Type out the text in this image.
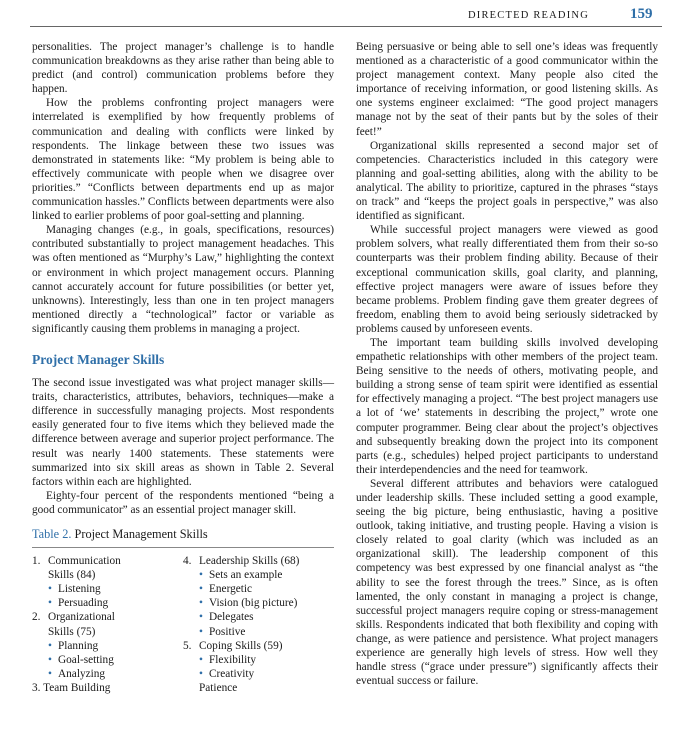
DIRECTED READING	159

personalities. The project manager’s challenge is to handle communication breakdowns as they arise rather than being able to predict (and control) communication problems before they happen.

How the problems confronting project managers were interrelated is exemplified by how frequently problems of communication and dealing with conflicts were linked by respondents. The linkage between these two issues was demonstrated in statements like: “My problem is being able to effectively communicate with people when we disagree over priorities.” “Conflicts between departments end up as major communication hassles.” Conflicts between departments were also linked to earlier problems of poor goal-setting and planning.

Managing changes (e.g., in goals, specifications, resources) contributed substantially to project management headaches. This was often mentioned as “Murphy’s Law,” highlighting the context or environment in which project management occurs. Planning cannot accurately account for future possibilities (or better yet, unknowns). Interestingly, less than one in ten project managers mentioned directly a “technological” factor or variable as significantly causing them problems in managing a project.

Project Manager Skills

The second issue investigated was what project manager skills—traits, characteristics, attributes, behaviors, techniques—make a difference in successfully managing projects. Most respondents easily generated four to five items which they believed made the difference between average and superior project performance. The result was nearly 1400 statements. These statements were summarized into six skill areas as shown in Table 2. Several factors within each are highlighted.

Eighty-four percent of the respondents mentioned “being a good communicator” as an essential project manager skill.

Table 2. Project Management Skills
1. Communication
Skills (84)
• Listening
• Persuading
2. Organizational
Skills (75)
• Planning
• Goal-setting
• Analyzing
3. Team Building
4. Leadership Skills (68)
• Sets an example
• Energetic
• Vision (big picture)
• Delegates
• Positive
5. Coping Skills (59)
• Flexibility
• Creativity
Patience

Being persuasive or being able to sell one’s ideas was frequently mentioned as a characteristic of a good communicator within the project management context. Many people also cited the importance of receiving information, or good listening skills. As one systems engineer exclaimed: “The good project managers manage not by the seat of their pants but by the soles of their feet!”

Organizational skills represented a second major set of competencies. Characteristics included in this category were planning and goal-setting abilities, along with the ability to be analytical. The ability to prioritize, captured in the phrases “stays on track” and “keeps the project goals in perspective,” was also identified as significant.

While successful project managers were viewed as good problem solvers, what really differentiated them from their so-so counterparts was their problem finding ability. Because of their exceptional communication skills, goal clarity, and planning, effective project managers were aware of issues before they became problems. Problem finding gave them greater degrees of freedom, enabling them to avoid being seriously sidetracked by problems caused by unforeseen events.

The important team building skills involved developing empathetic relationships with other members of the project team. Being sensitive to the needs of others, motivating people, and building a strong sense of team spirit were identified as essential for effectively managing a project. “The best project managers use a lot of ‘we’ statements in describing the project,” wrote one computer programmer. Being clear about the project’s objectives and subsequently breaking down the project into its component parts (e.g., schedules) helped project participants to understand their interdependencies and the need for teamwork.

Several different attributes and behaviors were catalogued under leadership skills. These included setting a good example, seeing the big picture, being enthusiastic, having a positive outlook, taking initiative, and trusting people. Having a vision is closely related to goal clarity (which was included as an organizational skill). The leadership component of this competency was best expressed by one financial analyst as “the ability to see the forest through the trees.” Since, as is often lamented, the only constant in managing a project is change, successful project managers require coping or stress-management skills. Respondents indicated that both flexibility and coping with change, as were patience and persistence. What project managers experience are generally high levels of stress. How well they handle stress (“grace under pressure”) significantly affects their eventual success or failure.
